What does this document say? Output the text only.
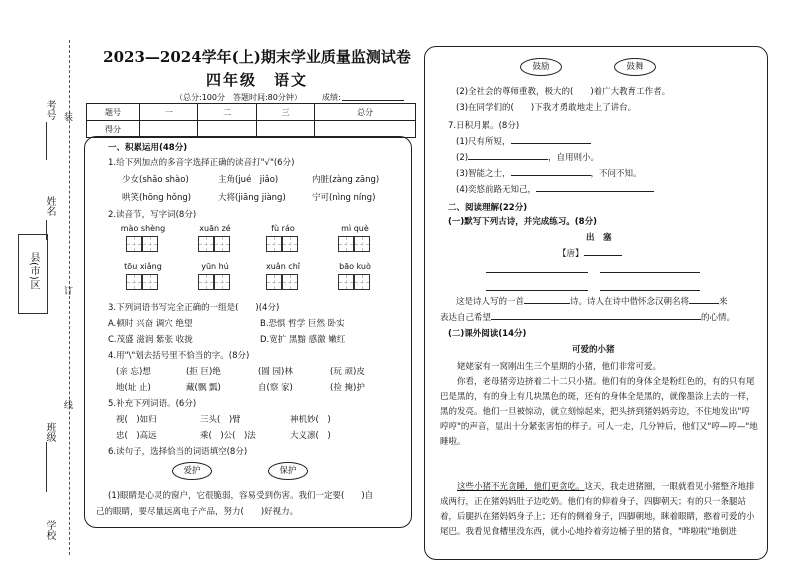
考号
姓名
县(市)区
班级
学校
装
订
线
2023—2024学年(上)期末学业质量监测试卷
四年级　语文
（总分:100分　答题时间:80分钟）	成绩:
题号	一	二	三	总分
得分				
一、积累运用(48分)
1.给下列加点的多音字选择正确的读音打"√"(6分)
少女(shǎo shào)	主角(jué　jiǎo)	内脏(zàng zāng)
哄笑(hōng hǒng)	大将(jiāng jiàng)	宁可(nìng níng)
2.读音节，写字词(8分)
mào shèng	xuān zé	fù ráo	mì què
tōu xiǎng	yūn hú	xuǎn chǐ	bāo kuò
3.下列词语书写完全正确的一组是(　　)(4分)
A.顿时 兴奋 调穴 绝望	B.恐惧 哲学 巨然 卧实
C.茂盛 滋润 紫张 收拢	D.宽扩 黑黯 感激 嫩红
4.用"\"划去括号里不恰当的字。(8分)
(亲 忘)想	(拒 巨)绝	(圆 园)林	(玩 顽)皮
地(址 止)	藏(飘 瓢)	自(察 家)	(捡 掩)护
5.补充下列词语。(6分)
视(　)如归	三头(　)臂	神机妙(　)
忠(　)高远	乘(　)公(　)法	大义凛(　)
6.读句子，选择恰当的词语填空(8分)
爱护	保护
(1)眼睛是心灵的窗户，它很脆弱，容易受到伤害。我们一定要(　　)自
己的眼睛，要尽量远离电子产品，努力(　　)好视力。
鼓励	鼓舞
(2)全社会的尊师重教，极大的(　　)着广大教育工作者。
(3)在同学们的(　　)下我才勇敢地走上了讲台。
7.日积月累。(8分)
(1)尺有所短，
(2)	，自用则小。
(3)智能之士，	，不问不知。
(4)奕悠前路无知己，
二、阅读理解(22分)
(一)默写下列古诗，并完成练习。(8分)
出　塞
【唐】
这是诗人写的一首	诗。诗人在诗中借怀念汉朝名将	来
表达自己希望	的心情。
(二)课外阅读(14分)
可爱的小猪
姥姥家有一窝刚出生三个星期的小猪，他们非常可爱。
你看，老母猪旁边挤着二十二只小猪。他们有的身体全是粉红色的，有的只有尾巴是黑的，有的身上有几块黑色的斑，还有的身体全是黑的，就像墨涂上去的一样，黑的发亮。他们一旦被惊动，就立刻惊起来，把头挤到猪妈妈旁边，不住地发出"哼哼哼"的声音，显出十分紧张害怕的样子。可人一走，几分钟后，他们又"哼—哼—"地睡啦。
这些小猪不光贪睡，他们更贪吃。这天，我走进猪圈，一眼就看见小猪整齐地排成两行，正在猪妈妈肚子边吃奶。他们有的仰着身子，四脚朝天；有的只一条腿站着，后腿扒在猪妈妈身子上；还有的侧着身子，四脚朝地，眯着眼睛，憨着可爱的小尾巴。我看见食槽里没东西，就小心地拎着旁边桶子里的猪食，"哗啦啦"地倒进
